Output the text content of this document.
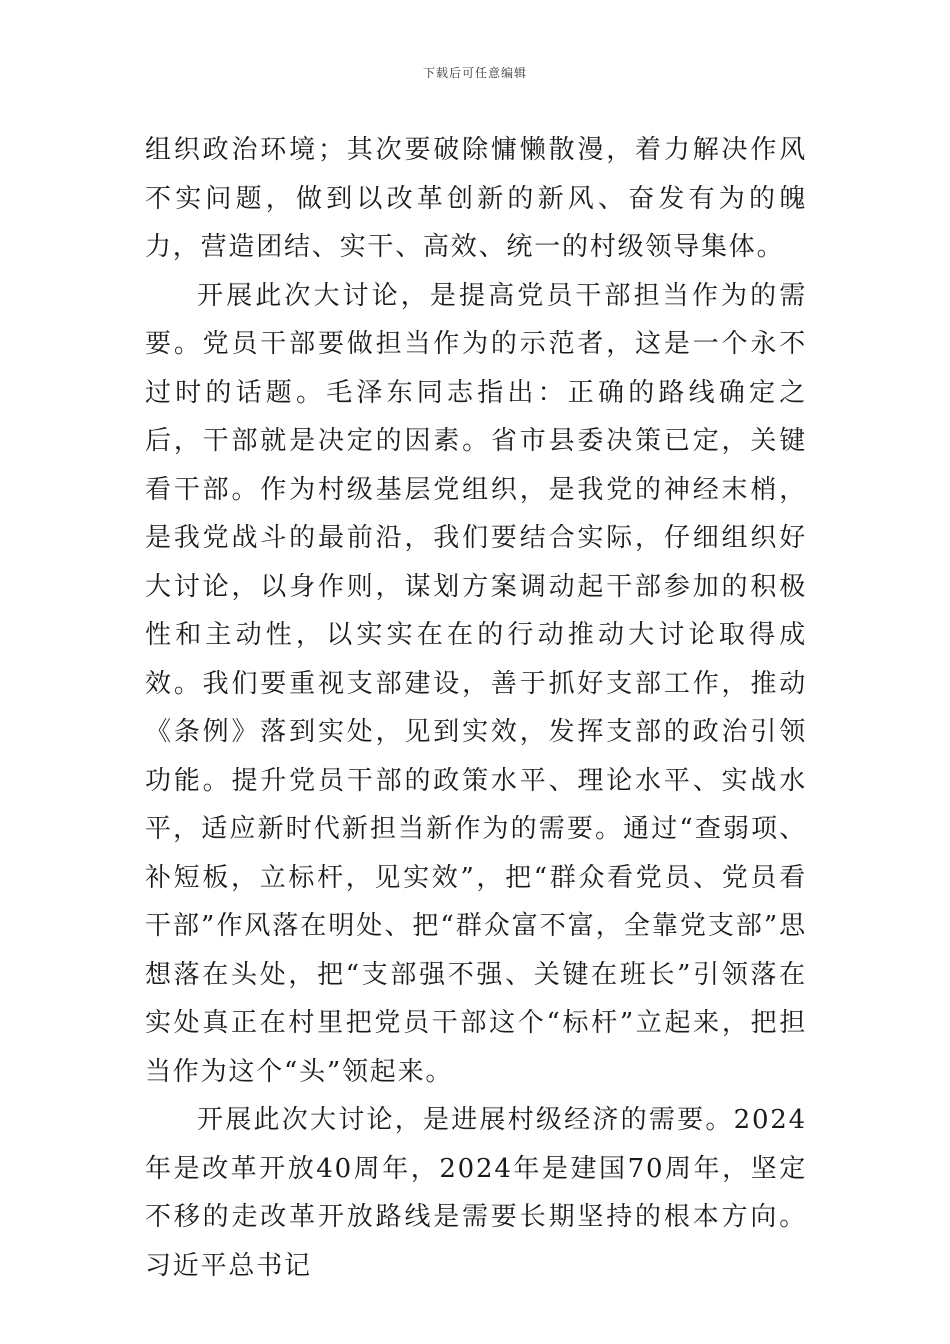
下载后可任意编辑

组织政治环境；其次要破除慵懒散漫，着力解决作风不实问题，做到以改革创新的新风、奋发有为的魄力，营造团结、实干、高效、统一的村级领导集体。

开展此次大讨论，是提高党员干部担当作为的需要。党员干部要做担当作为的示范者，这是一个永不过时的话题。毛泽东同志指出：正确的路线确定之后，干部就是决定的因素。省市县委决策已定，关键看干部。作为村级基层党组织，是我党的神经末梢，是我党战斗的最前沿，我们要结合实际，仔细组织好大讨论，以身作则，谋划方案调动起干部参加的积极性和主动性，以实实在在的行动推动大讨论取得成效。我们要重视支部建设，善于抓好支部工作，推动《条例》落到实处，见到实效，发挥支部的政治引领功能。提升党员干部的政策水平、理论水平、实战水平，适应新时代新担当新作为的需要。通过“查弱项、补短板，立标杆，见实效”，把“群众看党员、党员看干部”作风落在明处、把“群众富不富，全靠党支部”思想落在头处，把“支部强不强、关键在班长”引领落在实处真正在村里把党员干部这个“标杆”立起来，把担当作为这个“头”领起来。

开展此次大讨论，是进展村级经济的需要。2024年是改革开放40周年，2024年是建国70周年，坚定不移的走改革开放路线是需要长期坚持的根本方向。习近平总书记
